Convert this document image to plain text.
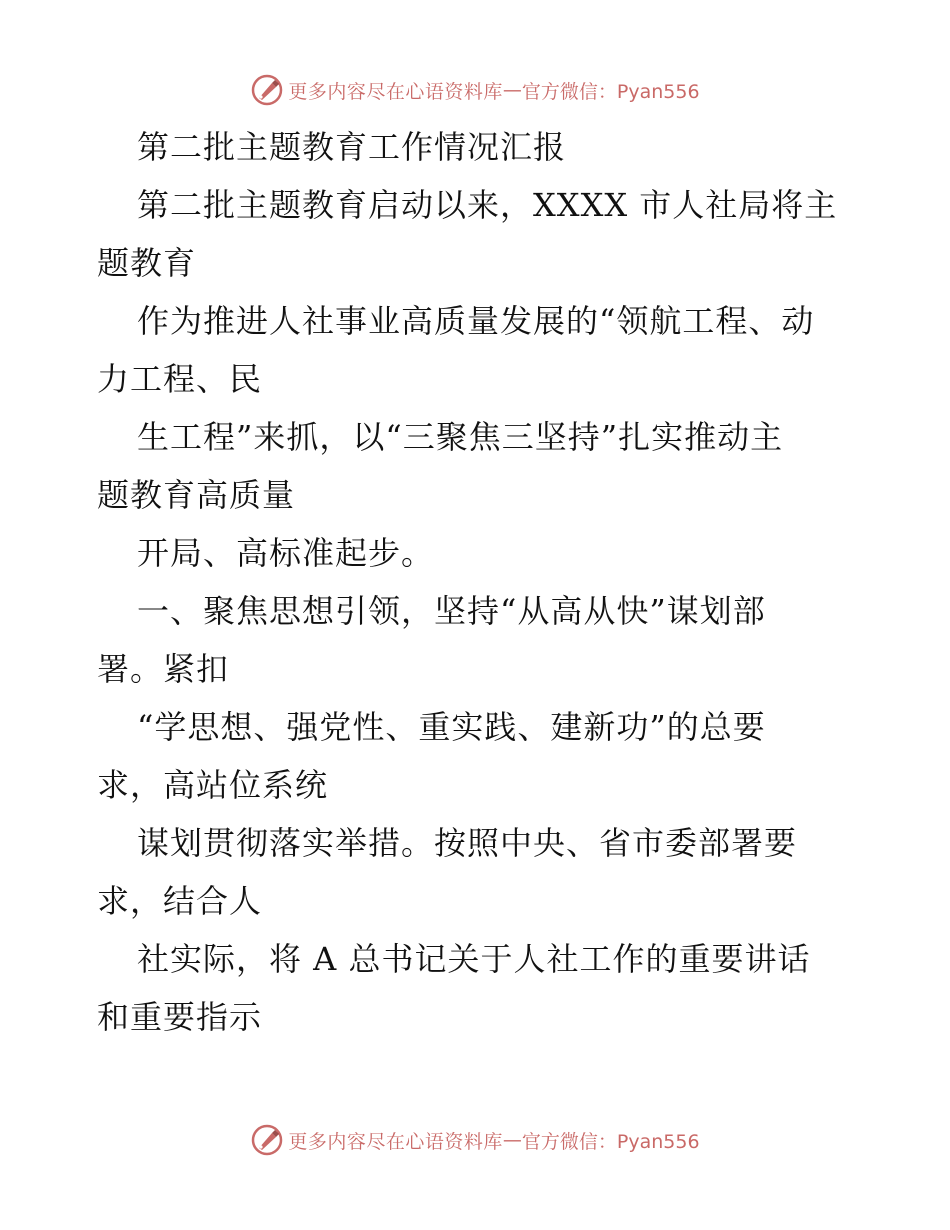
更多内容尽在心语资料库 — 官方微信：Pyan556
第二批主题教育工作情况汇报
第二批主题教育启动以来，XXXX 市人社局将主
题教育
作为推进人社事业高质量发展的“领航工程、动
力工程、民
生工程”来抓，以“三聚焦三坚持”扎实推动主
题教育高质量
开局、高标准起步。
一、聚焦思想引领，坚持“从高从快”谋划部
署。紧扣
“学思想、强党性、重实践、建新功”的总要
求，高站位系统
谋划贯彻落实举措。按照中央、省市委部署要
求，结合人
社实际，将 A 总书记关于人社工作的重要讲话
和重要指示
更多内容尽在心语资料库 — 官方微信：Pyan556
